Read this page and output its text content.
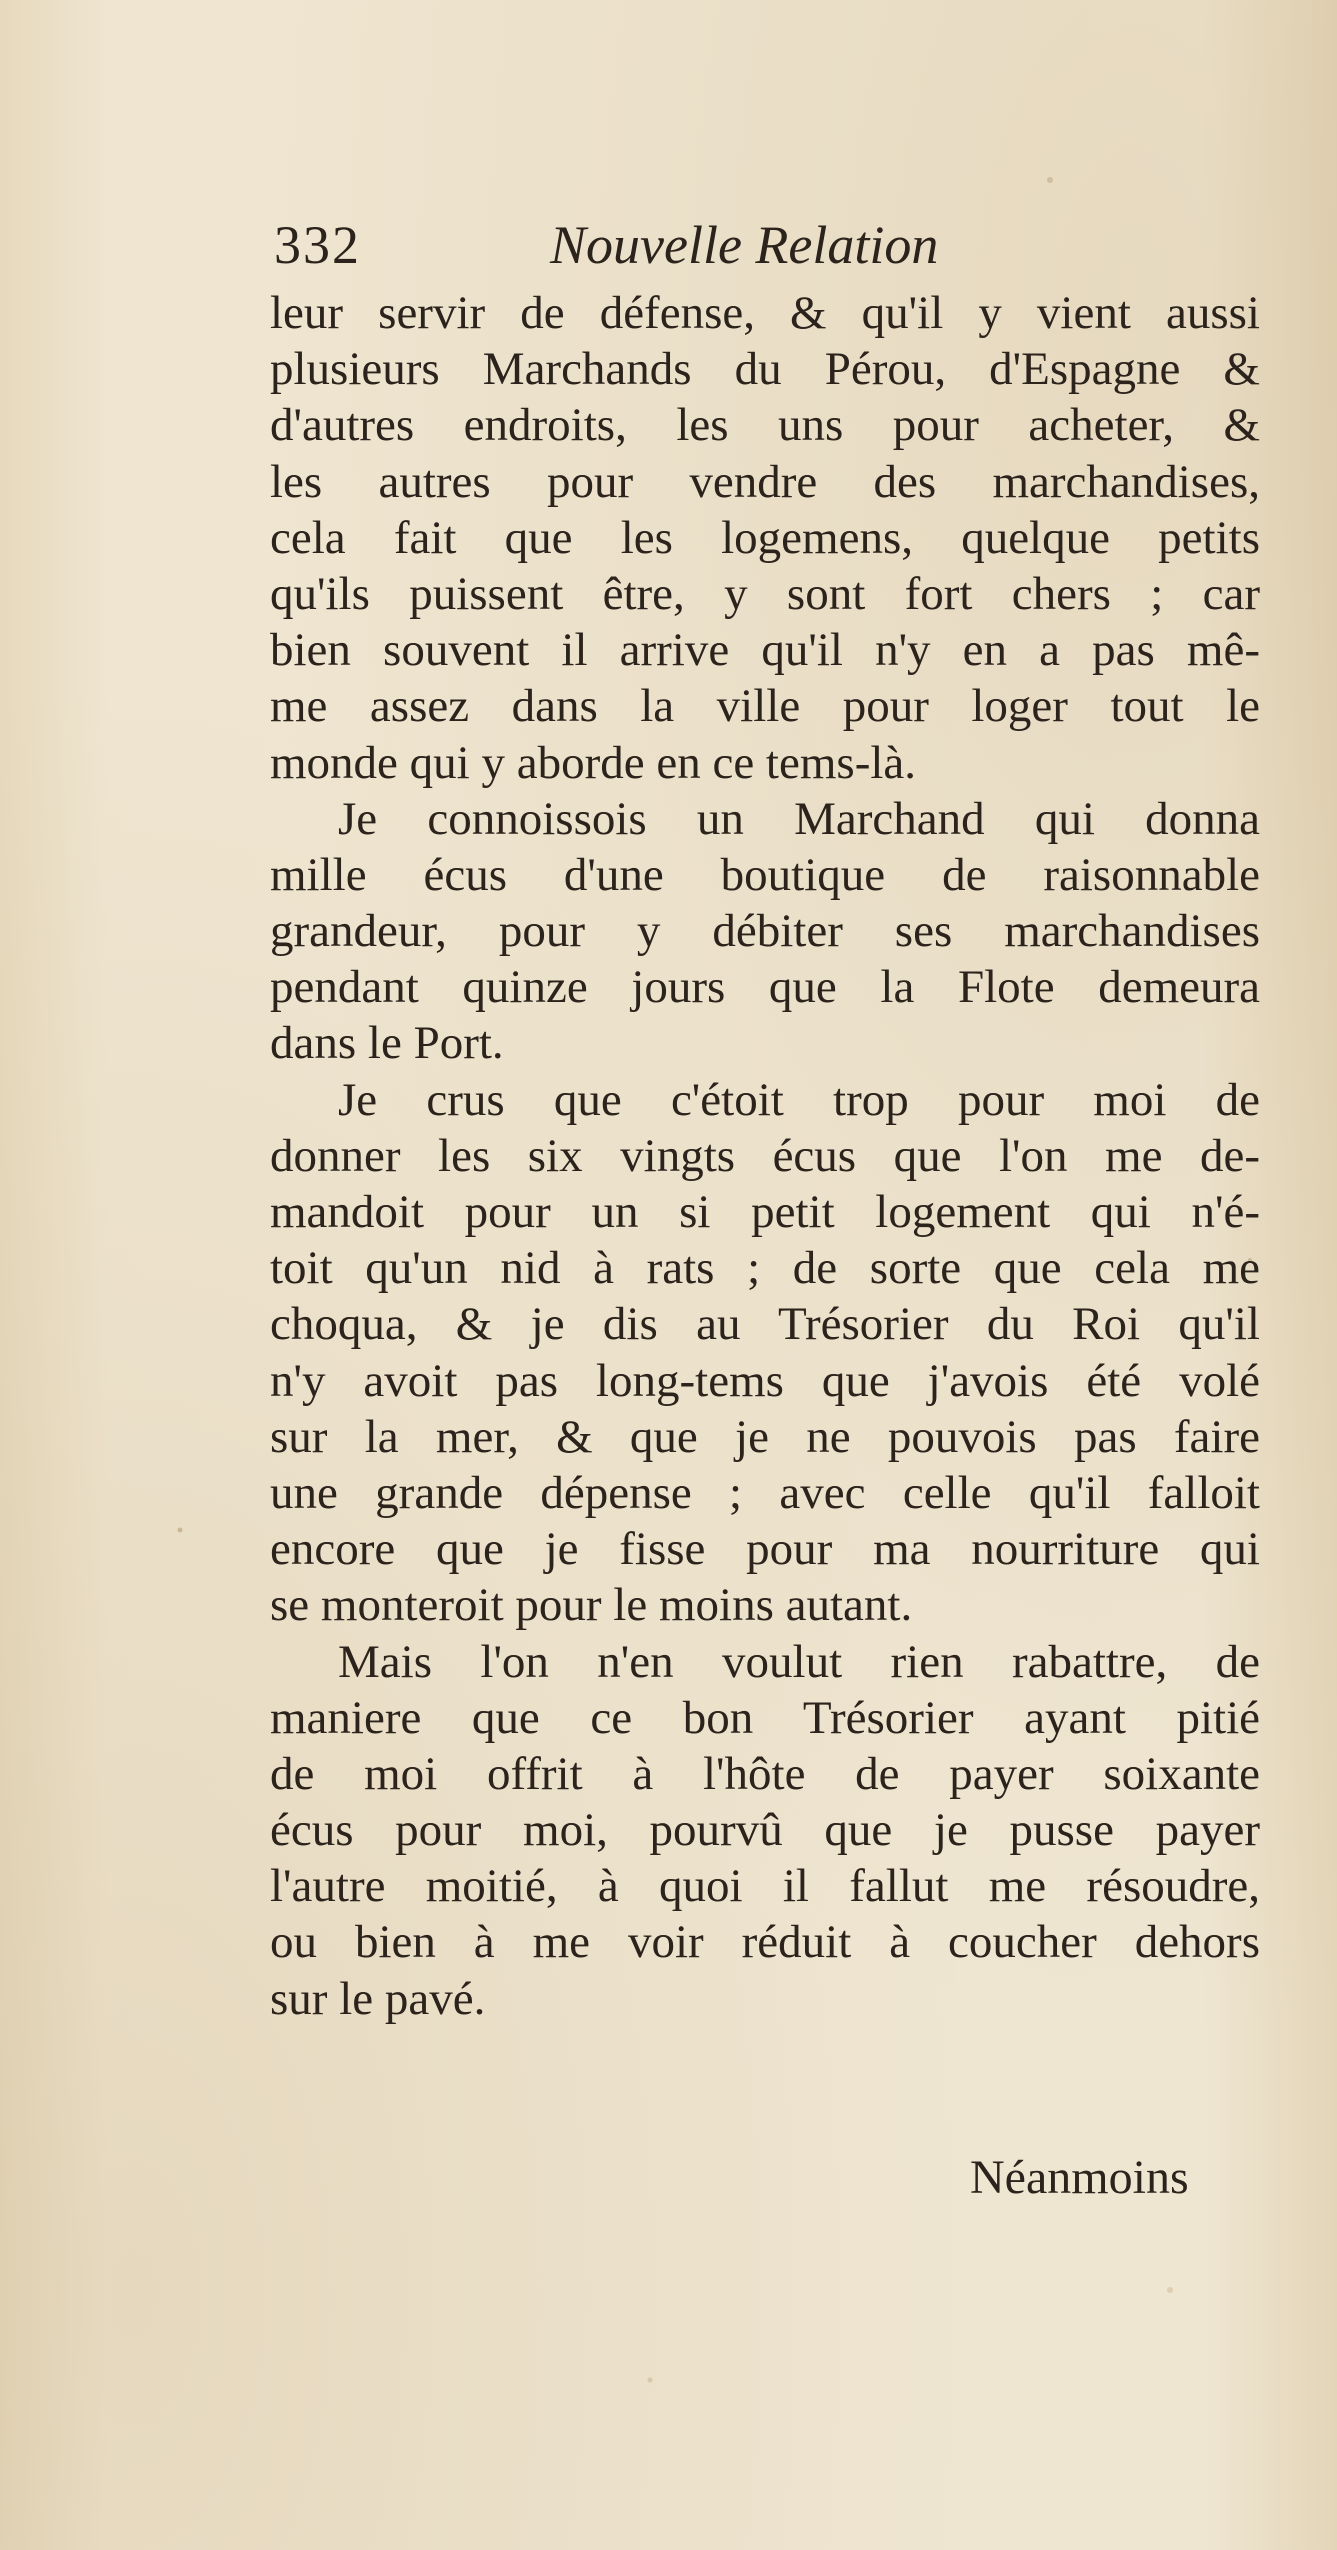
332	Nouvelle Relation
leur servir de défense, & qu'il y vient aussi
plusieurs Marchands du Pérou, d'Espagne &
d'autres endroits, les uns pour acheter, &
les autres pour vendre des marchandises,
cela fait que les logemens, quelque petits
qu'ils puissent être, y sont fort chers ; car
bien souvent il arrive qu'il n'y en a pas mê-
me assez dans la ville pour loger tout le
monde qui y aborde en ce tems-là.
Je connoissois un Marchand qui donna
mille écus d'une boutique de raisonnable
grandeur, pour y débiter ses marchandises
pendant quinze jours que la Flote demeura
dans le Port.
Je crus que c'étoit trop pour moi de
donner les six vingts écus que l'on me de-
mandoit pour un si petit logement qui n'é-
toit qu'un nid à rats ; de sorte que cela me
choqua, & je dis au Trésorier du Roi qu'il
n'y avoit pas long-tems que j'avois été volé
sur la mer, & que je ne pouvois pas faire
une grande dépense ; avec celle qu'il falloit
encore que je fisse pour ma nourriture qui
se monteroit pour le moins autant.
Mais l'on n'en voulut rien rabattre, de
maniere que ce bon Trésorier ayant pitié
de moi offrit à l'hôte de payer soixante
écus pour moi, pourvû que je pusse payer
l'autre moitié, à quoi il fallut me résoudre,
ou bien à me voir réduit à coucher dehors
sur le pavé.
Néanmoins
